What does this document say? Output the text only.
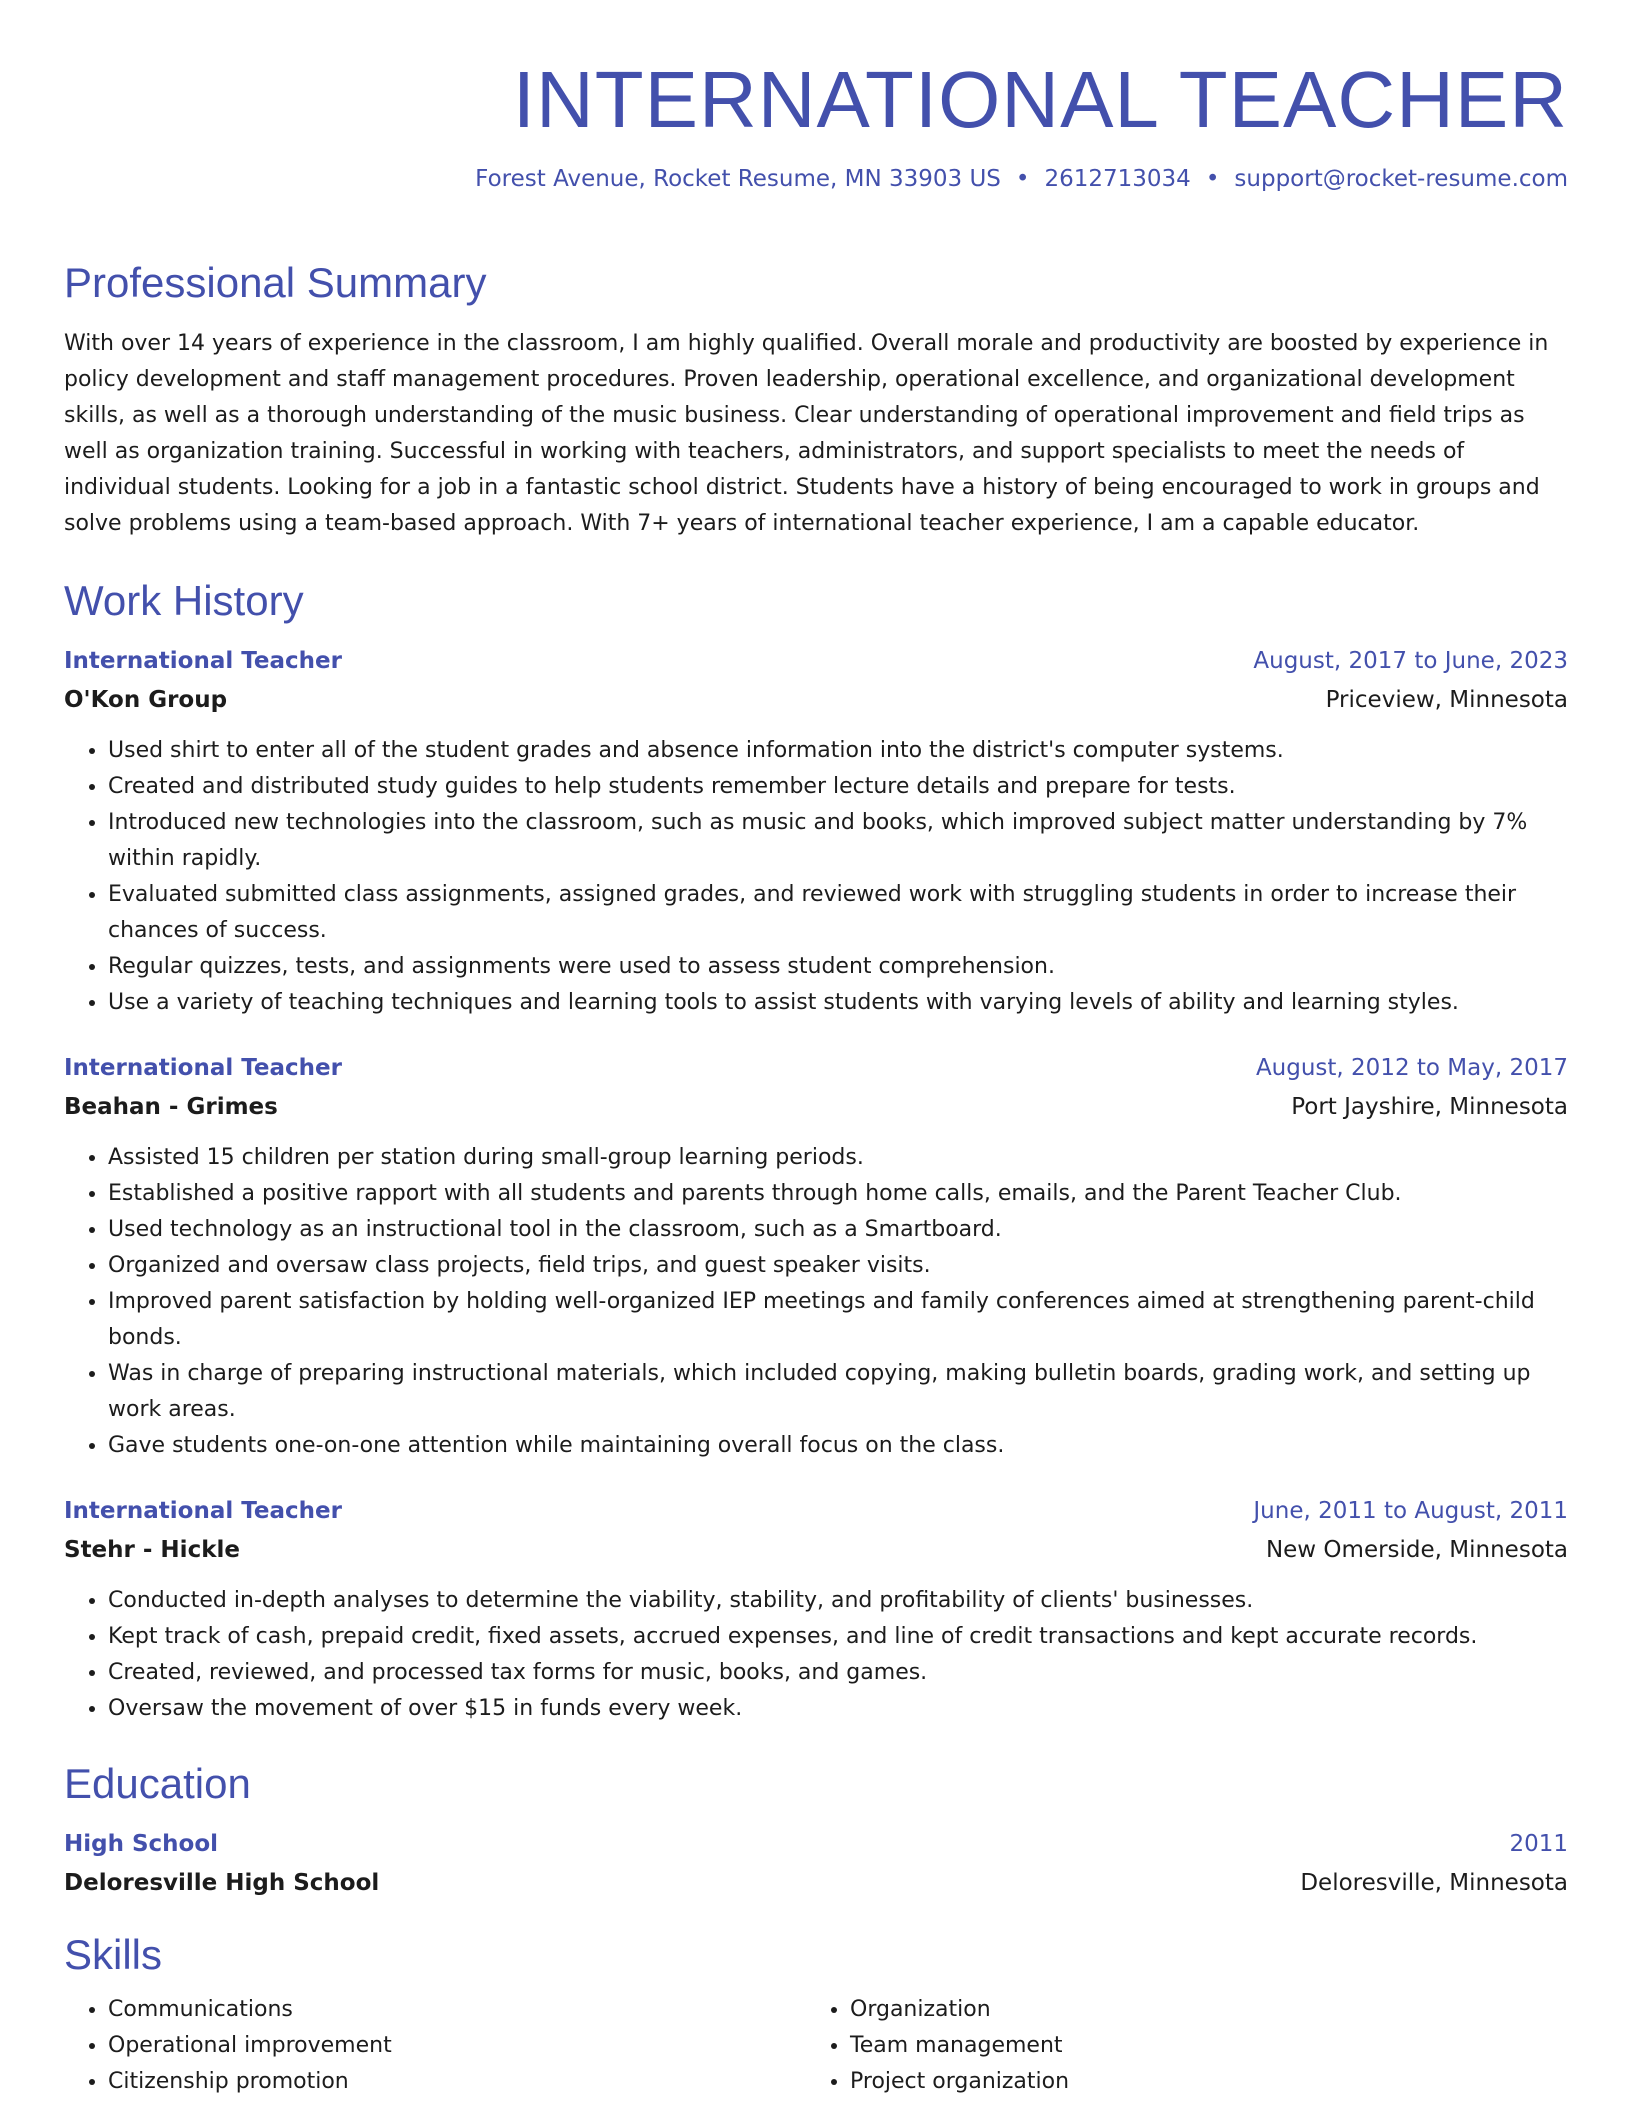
INTERNATIONAL TEACHER
Forest Avenue, Rocket Resume, MN 33903 US • 2612713034 • support@rocket-resume.com
Professional Summary

With over 14 years of experience in the classroom, I am highly qualified. Overall morale and productivity are boosted by experience in policy development and staff management procedures. Proven leadership, operational excellence, and organizational development skills, as well as a thorough understanding of the music business. Clear understanding of operational improvement and field trips as well as organization training. Successful in working with teachers, administrators, and support specialists to meet the needs of individual students. Looking for a job in a fantastic school district. Students have a history of being encouraged to work in groups and solve problems using a team-based approach. With 7+ years of international teacher experience, I am a capable educator.

Work History
International Teacher	August, 2017 to June, 2023
O'Kon Group	Priceview, Minnesota
• Used shirt to enter all of the student grades and absence information into the district's computer systems.
• Created and distributed study guides to help students remember lecture details and prepare for tests.
• Introduced new technologies into the classroom, such as music and books, which improved subject matter understanding by 7% within rapidly.
• Evaluated submitted class assignments, assigned grades, and reviewed work with struggling students in order to increase their chances of success.
• Regular quizzes, tests, and assignments were used to assess student comprehension.
• Use a variety of teaching techniques and learning tools to assist students with varying levels of ability and learning styles.
International Teacher	August, 2012 to May, 2017
Beahan - Grimes	Port Jayshire, Minnesota
• Assisted 15 children per station during small-group learning periods.
• Established a positive rapport with all students and parents through home calls, emails, and the Parent Teacher Club.
• Used technology as an instructional tool in the classroom, such as a Smartboard.
• Organized and oversaw class projects, field trips, and guest speaker visits.
• Improved parent satisfaction by holding well-organized IEP meetings and family conferences aimed at strengthening parent-child bonds.
• Was in charge of preparing instructional materials, which included copying, making bulletin boards, grading work, and setting up work areas.
• Gave students one-on-one attention while maintaining overall focus on the class.
International Teacher	June, 2011 to August, 2011
Stehr - Hickle	New Omerside, Minnesota
• Conducted in-depth analyses to determine the viability, stability, and profitability of clients' businesses.
• Kept track of cash, prepaid credit, fixed assets, accrued expenses, and line of credit transactions and kept accurate records.
• Created, reviewed, and processed tax forms for music, books, and games.
• Oversaw the movement of over $15 in funds every week.
Education
High School	2011
Deloresville High School	Deloresville, Minnesota
Skills
• Communications
• Operational improvement
• Citizenship promotion
• Organization
• Team management
• Project organization
